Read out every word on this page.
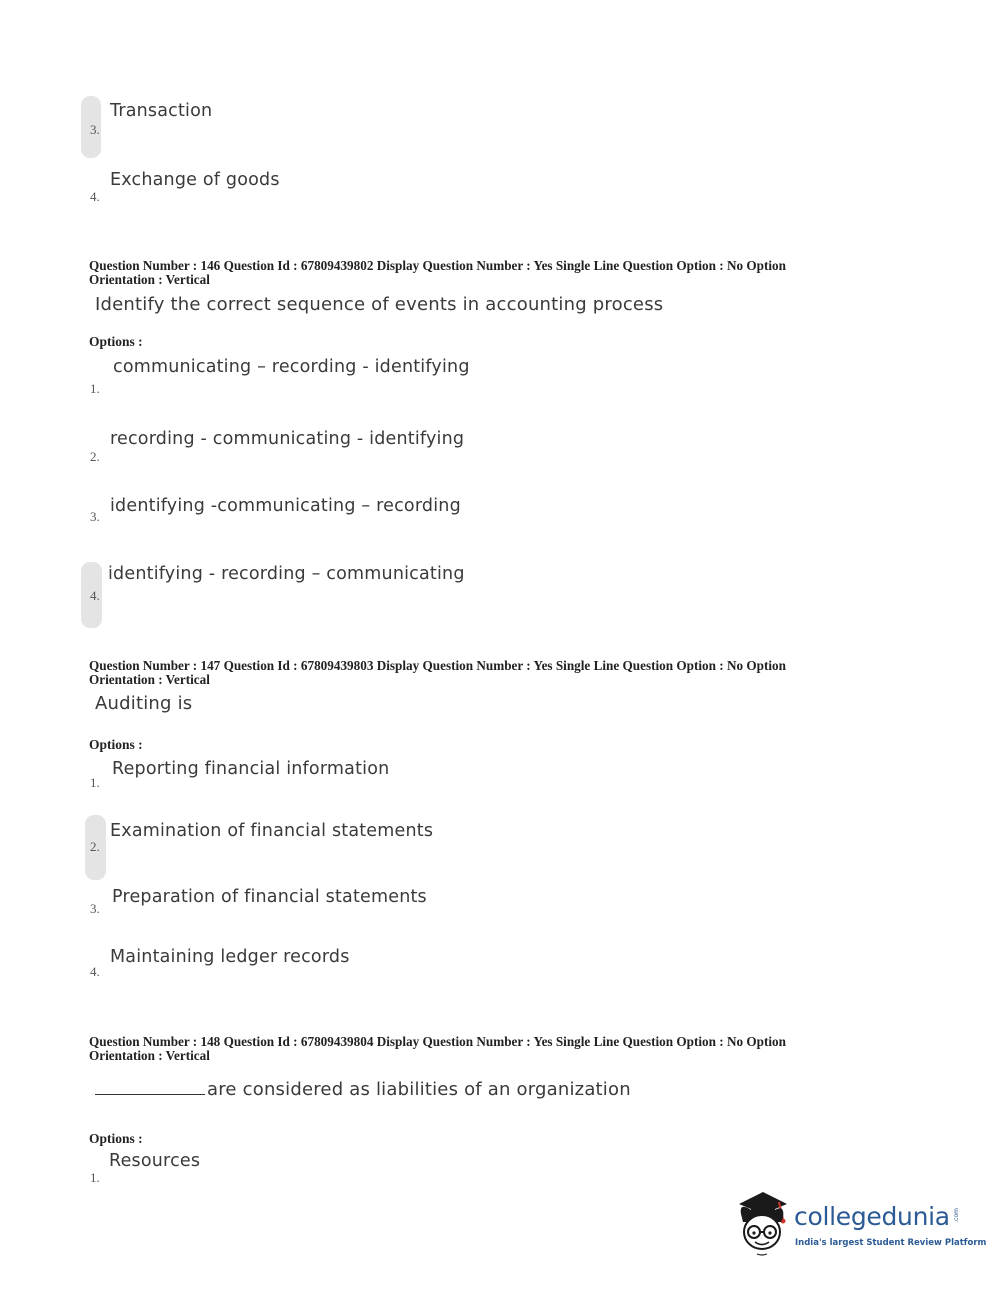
Transaction
3.
Exchange of goods
4.
Question Number : 146 Question Id : 67809439802 Display Question Number : Yes Single Line Question Option : No Option
Orientation : Vertical
Identify the correct sequence of events in accounting process
Options :
communicating – recording - identifying
1.
recording - communicating - identifying
2.
identifying -communicating – recording
3.
identifying - recording – communicating
4.
Question Number : 147 Question Id : 67809439803 Display Question Number : Yes Single Line Question Option : No Option
Orientation : Vertical
Auditing is
Options :
Reporting financial information
1.
Examination of financial statements
2.
Preparation of financial statements
3.
Maintaining ledger records
4.
Question Number : 148 Question Id : 67809439804 Display Question Number : Yes Single Line Question Option : No Option
Orientation : Vertical
are considered as liabilities of an organization
Options :
Resources
1.
collegedunia .com
India's largest Student Review Platform
